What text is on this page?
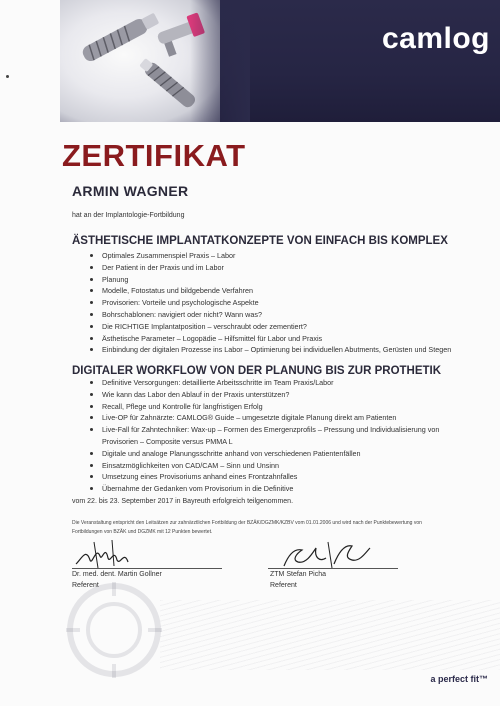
camlog
ZERTIFIKAT
ARMIN WAGNER
hat an der Implantologie-Fortbildung
ÄSTHETISCHE IMPLANTATKONZEPTE VON EINFACH BIS KOMPLEX
Optimales Zusammenspiel Praxis – Labor
Der Patient in der Praxis und im Labor
Planung
Modelle, Fotostatus und bildgebende Verfahren
Provisorien: Vorteile und psychologische Aspekte
Bohrschablonen: navigiert oder nicht? Wann was?
Die RICHTIGE Implantatposition – verschraubt oder zementiert?
Ästhetische Parameter – Logopädie – Hilfsmittel für Labor und Praxis
Einbindung der digitalen Prozesse ins Labor – Optimierung bei individuellen Abutments, Gerüsten und Stegen
DIGITALER WORKFLOW VON DER PLANUNG BIS ZUR PROTHETIK
Definitive Versorgungen: detaillierte Arbeitsschritte im Team Praxis/Labor
Wie kann das Labor den Ablauf in der Praxis unterstützen?
Recall, Pflege und Kontrolle für langfristigen Erfolg
Live-OP für Zahnärzte: CAMLOG® Guide – umgesetzte digitale Planung direkt am Patienten
Live-Fall für Zahntechniker: Wax-up – Formen des Emergenzprofils – Pressung und Individualisierung von Provisorien – Composite versus PMMA L
Digitale und analoge Planungsschritte anhand von verschiedenen Patientenfällen
Einsatzmöglichkeiten von CAD/CAM – Sinn und Unsinn
Umsetzung eines Provisoriums anhand eines Frontzahnfalles
Übernahme der Gedanken vom Provisorium in die Definitive
vom 22. bis 23. September 2017 in Bayreuth erfolgreich teilgenommen.
Die Veranstaltung entspricht den Leitsätzen zur zahnärztlichen Fortbildung der BZÄK/DGZMK/KZBV vom 01.01.2006 und wird nach der Punktebewertung von Fortbildungen von BZÄK und DGZMK mit 12 Punkten bewertet.
Dr. med. dent. Martin Gollner
Referent
ZTM Stefan Picha
Referent
a perfect fit™
